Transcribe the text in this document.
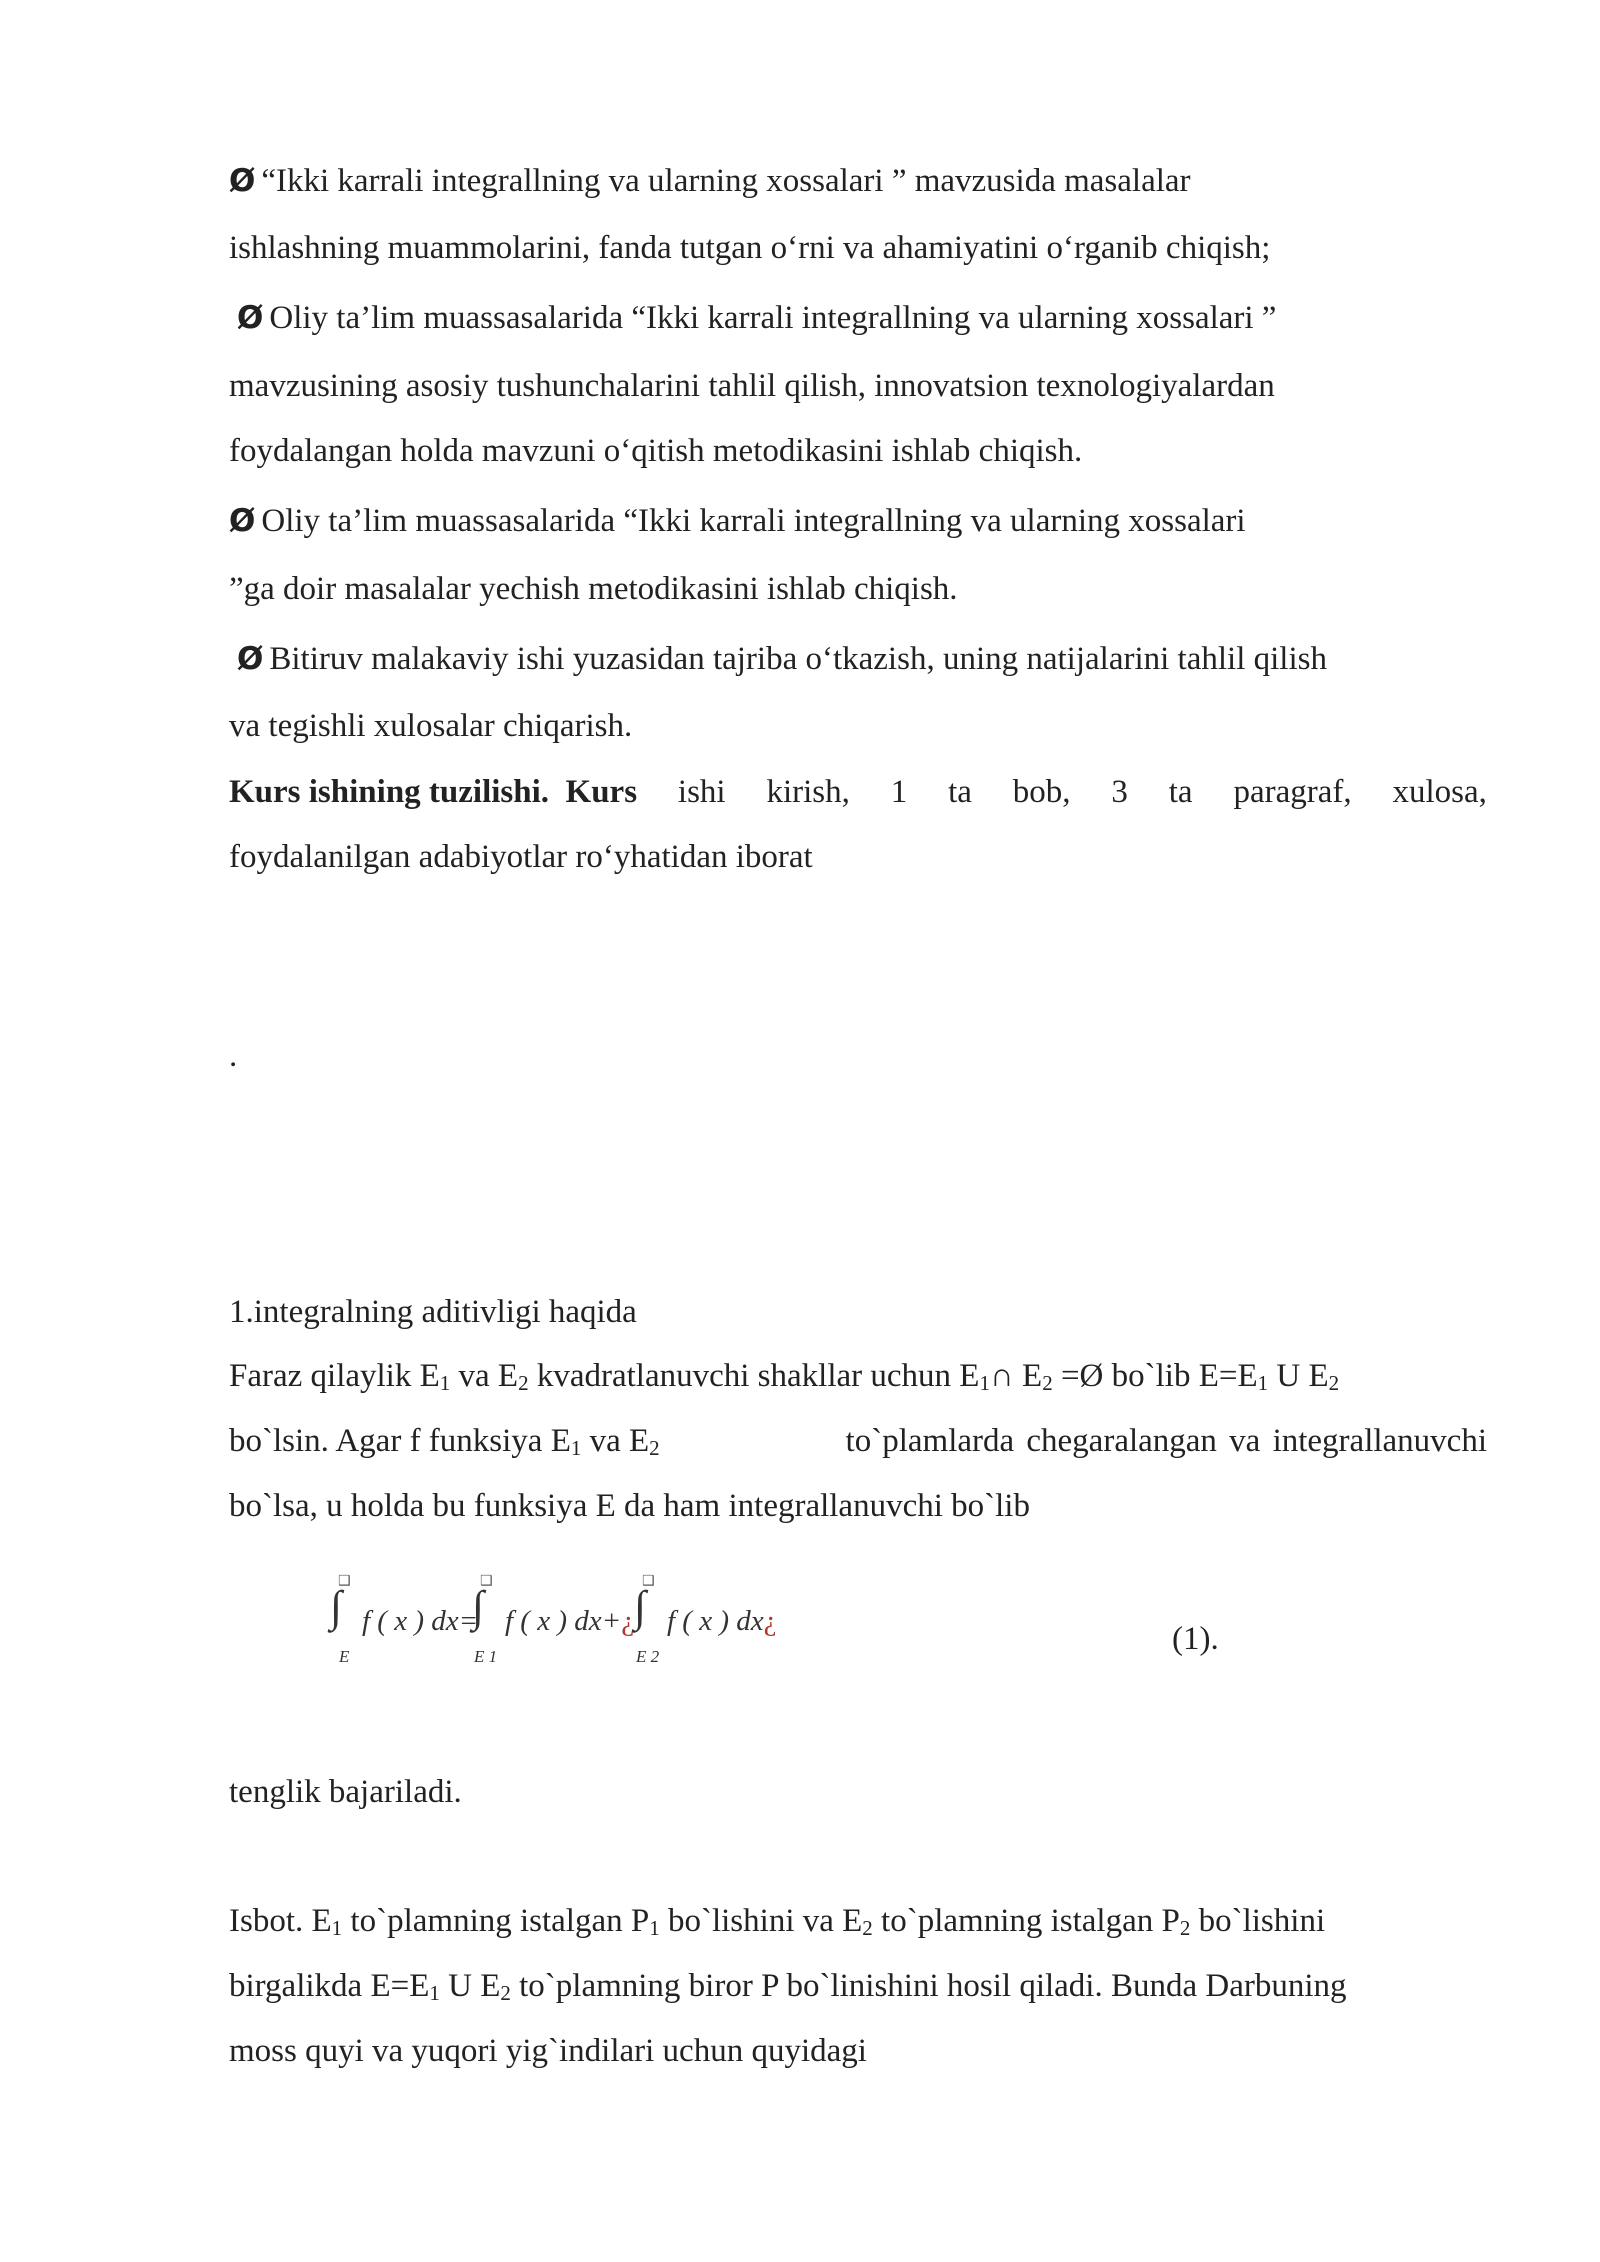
Ø “Ikki karrali integrallning va ularning xossalari ” mavzusida masalalar
ishlashning muammolarini, fanda tutgan o‘rni va ahamiyatini o‘rganib chiqish;
Ø Oliy ta’lim muassasalarida “Ikki karrali integrallning va ularning xossalari ”
mavzusining asosiy tushunchalarini tahlil qilish, innovatsion texnologiyalardan
foydalangan holda mavzuni o‘qitish metodikasini ishlab chiqish.
Ø Oliy ta’lim muassasalarida “Ikki karrali integrallning va ularning xossalari
”ga doir masalalar yechish metodikasini ishlab chiqish.
Ø Bitiruv malakaviy ishi yuzasidan tajriba o‘tkazish, uning natijalarini tahlil qilish
va tegishli xulosalar chiqarish.
Kurs ishining tuzilishi. Kurs ishi kirish, 1 ta bob, 3 ta paragraf, xulosa,
foydalanilgan adabiyotlar ro‘yhatidan iborat
.
1.integralning aditivligi haqida
Faraz qilaylik $E_1$ va $E_2$ kvadratlanuvchi shakllar uchun $E_1\cap$ $E_2$ =Ø bo`lib $E=E_1$ U $E_2$
bo`lsin. Agar f funksiya $E_1$ va $E_2$	to`plamlarda chegaralangan va integrallanuvchi
bo`lsa, u holda bu funksiya E da ham integrallanuvchi bo`lib
❑
∫
E
f ( x ) dx=
❑
∫
E 1
f ( x ) dx+¿
❑
∫
E 2
f ( x ) dx¿	(1).
tenglik bajariladi.
Isbot. $E_1$ to`plamning istalgan $P_1$ bo`lishini va $E_2$ to`plamning istalgan $P_2$ bo`lishini
birgalikda $E=E_1$ U $E_2$ to`plamning biror P bo`linishini hosil qiladi. Bunda Darbuning
moss quyi va yuqori yig`indilari uchun quyidagi
